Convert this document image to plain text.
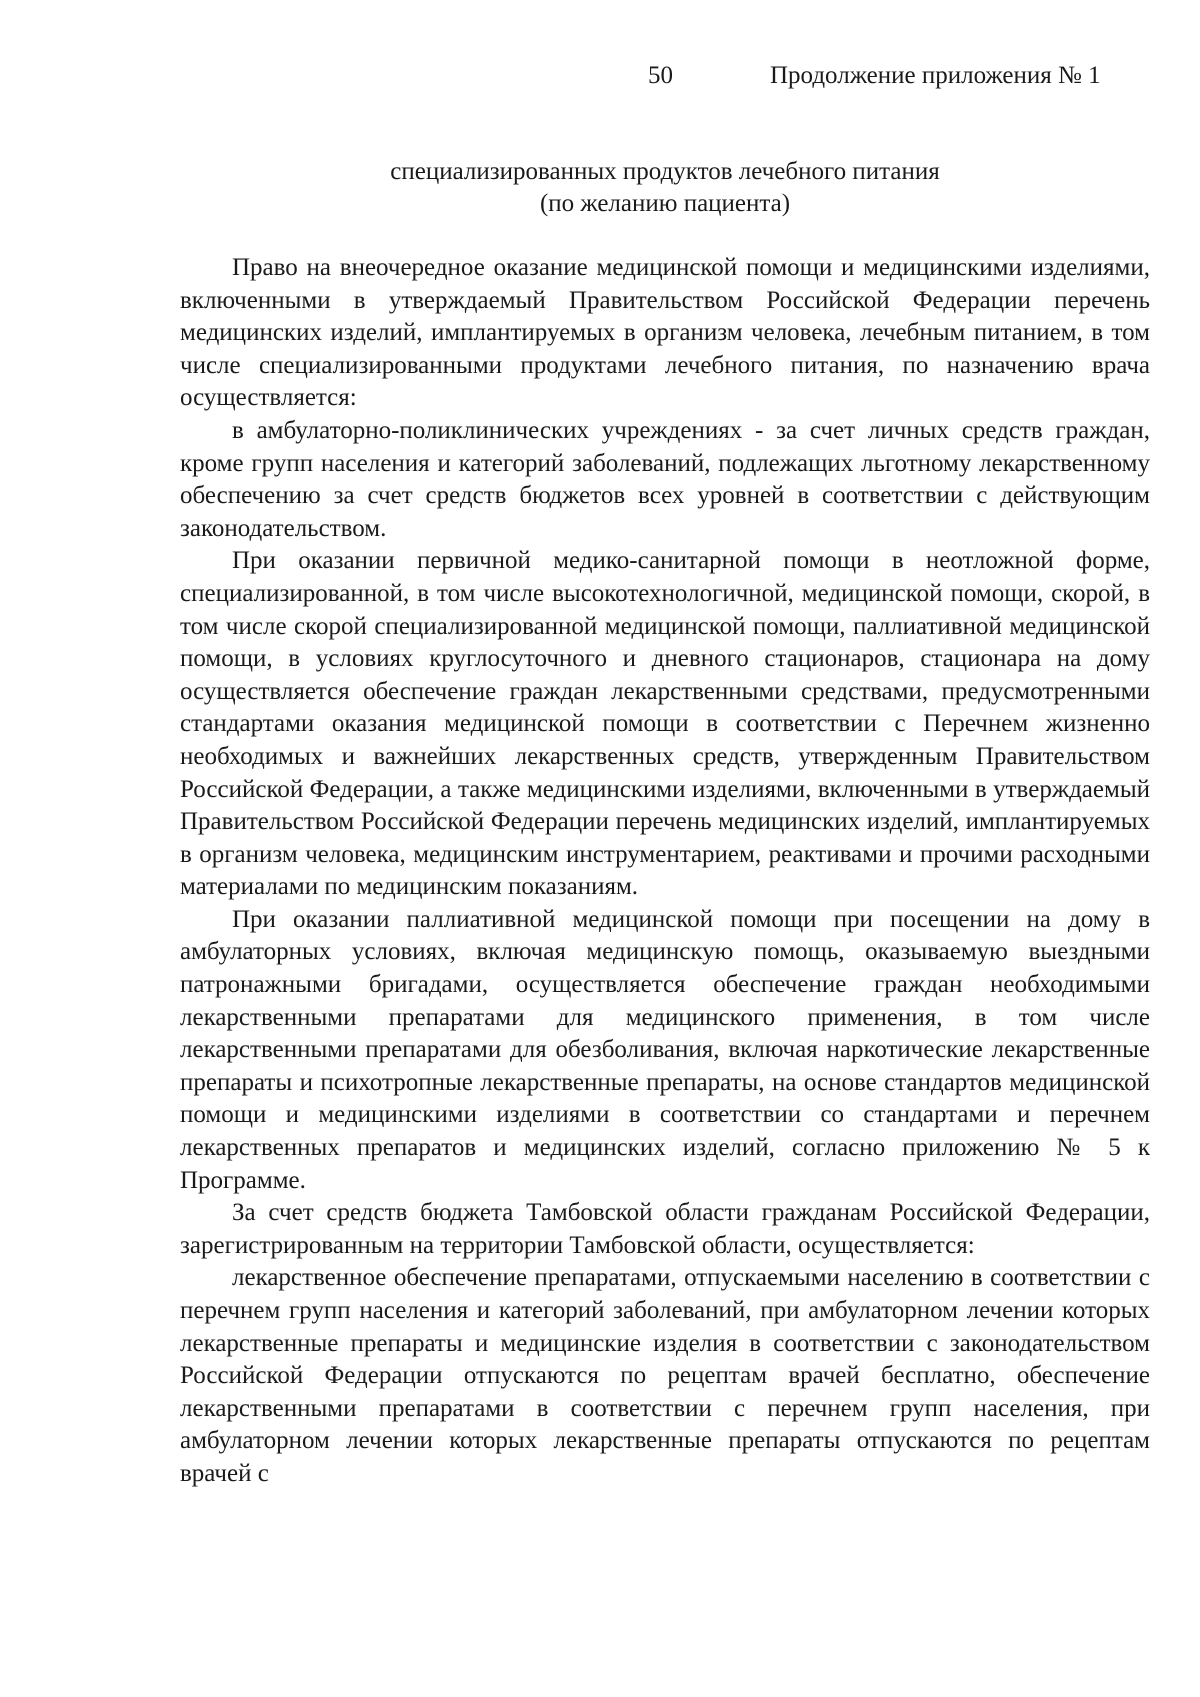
50	Продолжение приложения № 1
специализированных продуктов лечебного питания
(по желанию пациента)

Право на внеочередное оказание медицинской помощи и медицинскими изделиями, включенными в утверждаемый Правительством Российской Федерации перечень медицинских изделий, имплантируемых в организм человека, лечебным питанием, в том числе специализированными продуктами лечебного питания, по назначению врача осуществляется:

в амбулаторно-поликлинических учреждениях - за счет личных средств граждан, кроме групп населения и категорий заболеваний, подлежащих льготному лекарственному обеспечению за счет средств бюджетов всех уровней в соответствии с действующим законодательством.

При оказании первичной медико-санитарной помощи в неотложной форме, специализированной, в том числе высокотехнологичной, медицинской помощи, скорой, в том числе скорой специализированной медицинской помощи, паллиативной медицинской помощи, в условиях круглосуточного и дневного стационаров, стационара на дому осуществляется обеспечение граждан лекарственными средствами, предусмотренными стандартами оказания медицинской помощи в соответствии с Перечнем жизненно необходимых и важнейших лекарственных средств, утвержденным Правительством Российской Федерации, а также медицинскими изделиями, включенными в утверждаемый Правительством Российской Федерации перечень медицинских изделий, имплантируемых в организм человека, медицинским инструментарием, реактивами и прочими расходными материалами по медицинским показаниям.

При оказании паллиативной медицинской помощи при посещении на дому в амбулаторных условиях, включая медицинскую помощь, оказываемую выездными патронажными бригадами, осуществляется обеспечение граждан необходимыми лекарственными препаратами для медицинского применения, в том числе лекарственными препаратами для обезболивания, включая наркотические лекарственные препараты и психотропные лекарственные препараты, на основе стандартов медицинской помощи и медицинскими изделиями в соответствии со стандартами и перечнем лекарственных препаратов и медицинских изделий, согласно приложению № 5 к Программе.

За счет средств бюджета Тамбовской области гражданам Российской Федерации, зарегистрированным на территории Тамбовской области, осуществляется:

лекарственное обеспечение препаратами, отпускаемыми населению в соответствии с перечнем групп населения и категорий заболеваний, при амбулаторном лечении которых лекарственные препараты и медицинские изделия в соответствии с законодательством Российской Федерации отпускаются по рецептам врачей бесплатно, обеспечение лекарственными препаратами в соответствии с перечнем групп населения, при амбулаторном лечении которых лекарственные препараты отпускаются по рецептам врачей с
